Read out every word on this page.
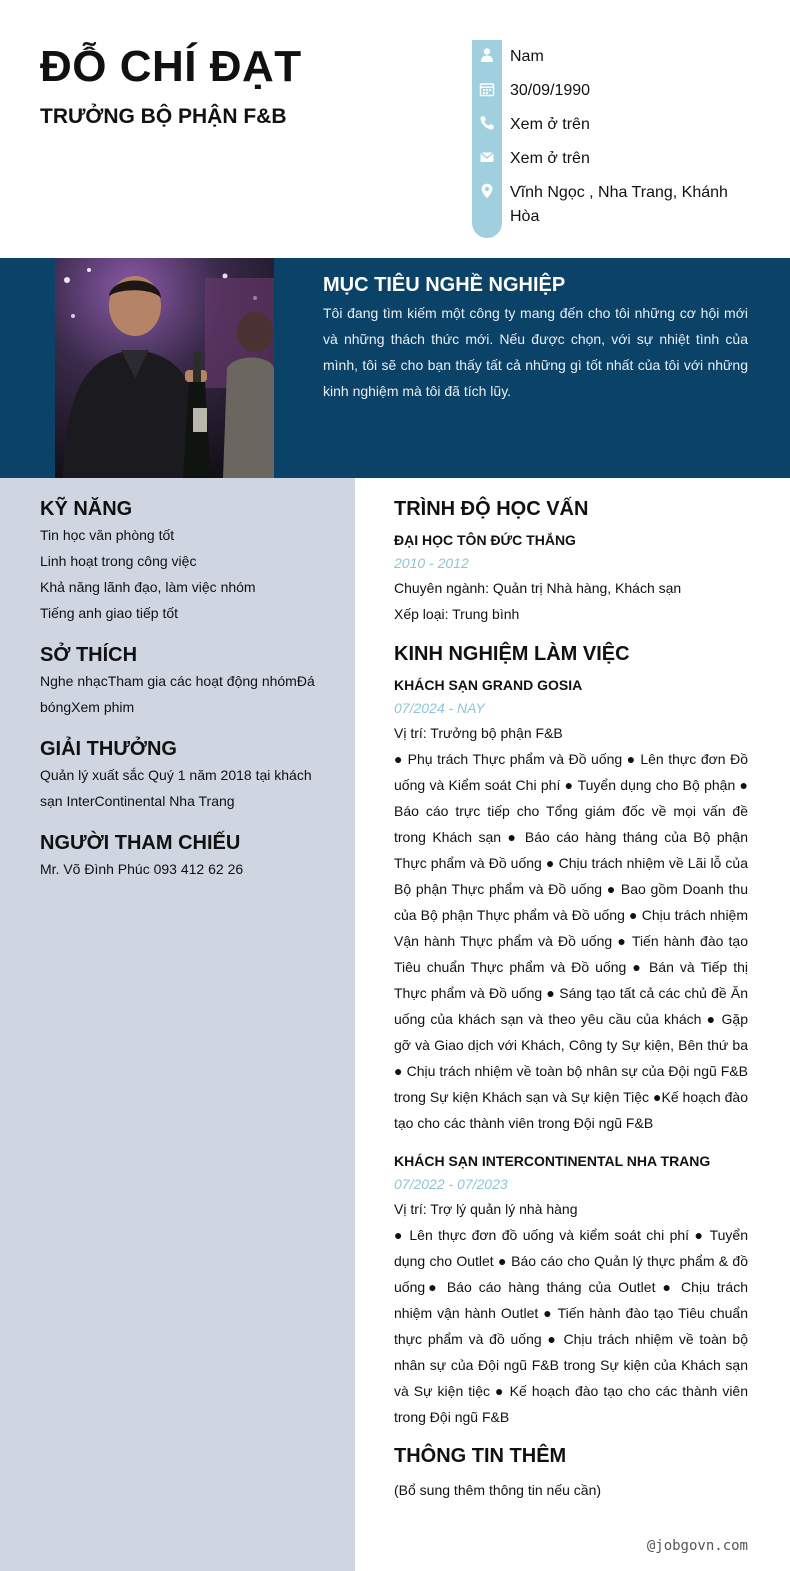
ĐỖ CHÍ ĐẠT
TRƯỞNG BỘ PHẬN F&B
Nam
30/09/1990
Xem ở trên
Xem ở trên
Vĩnh Ngọc , Nha Trang, Khánh Hòa
MỤC TIÊU NGHỀ NGHIỆP

Tôi đang tìm kiếm một công ty mang đến cho tôi những cơ hội mới và những thách thức mới. Nếu được chọn, với sự nhiệt tình của mình, tôi sẽ cho bạn thấy tất cả những gì tốt nhất của tôi với những kinh nghiệm mà tôi đã tích lũy.

KỸ NĂNG

Tin học văn phòng tốt

Linh hoạt trong công việc

Khả năng lãnh đạo, làm việc nhóm

Tiếng anh giao tiếp tốt

SỞ THÍCH

Nghe nhạcTham gia các hoạt động nhómĐá bóngXem phim

GIẢI THƯỞNG

Quản lý xuất sắc Quý 1 năm 2018 tại khách sạn InterContinental Nha Trang

NGƯỜI THAM CHIẾU

Mr. Võ Đình Phúc 093 412 62 26

TRÌNH ĐỘ HỌC VẤN

ĐẠI HỌC TÔN ĐỨC THẮNG

2010 - 2012

Chuyên ngành: Quản trị Nhà hàng, Khách sạn

Xếp loại: Trung bình

KINH NGHIỆM LÀM VIỆC

KHÁCH SẠN GRAND GOSIA

07/2024 - NAY

Vị trí: Trưởng bộ phận F&B

● Phụ trách Thực phẩm và Đồ uống ● Lên thực đơn Đồ uống và Kiểm soát Chi phí ● Tuyển dụng cho Bộ phận ● Báo cáo trực tiếp cho Tổng giám đốc về mọi vấn đề trong Khách sạn ● Báo cáo hàng tháng của Bộ phận Thực phẩm và Đồ uống ● Chịu trách nhiệm về Lãi lỗ của Bộ phận Thực phẩm và Đồ uống ● Bao gồm Doanh thu của Bộ phận Thực phẩm và Đồ uống ● Chịu trách nhiệm Vận hành Thực phẩm và Đồ uống ● Tiến hành đào tạo Tiêu chuẩn Thực phẩm và Đồ uống ● Bán và Tiếp thị Thực phẩm và Đồ uống ● Sáng tạo tất cả các chủ đề Ăn uống của khách sạn và theo yêu cầu của khách ● Gặp gỡ và Giao dịch với Khách, Công ty Sự kiện, Bên thứ ba ● Chịu trách nhiệm về toàn bộ nhân sự của Đội ngũ F&B trong Sự kiện Khách sạn và Sự kiện Tiệc ●Kế hoạch đào tạo cho các thành viên trong Đội ngũ F&B

KHÁCH SẠN INTERCONTINENTAL NHA TRANG

07/2022 - 07/2023

Vị trí: Trợ lý quản lý nhà hàng

● Lên thực đơn đồ uống và kiểm soát chi phí ● Tuyển dụng cho Outlet ● Báo cáo cho Quản lý thực phẩm & đồ uống● Báo cáo hàng tháng của Outlet ● Chịu trách nhiệm vận hành Outlet ● Tiến hành đào tạo Tiêu chuẩn thực phẩm và đồ uống ● Chịu trách nhiệm về toàn bộ nhân sự của Đội ngũ F&B trong Sự kiện của Khách sạn và Sự kiện tiệc ● Kế hoạch đào tạo cho các thành viên trong Đội ngũ F&B

THÔNG TIN THÊM

(Bổ sung thêm thông tin nếu cần)

@jobgovn.com
